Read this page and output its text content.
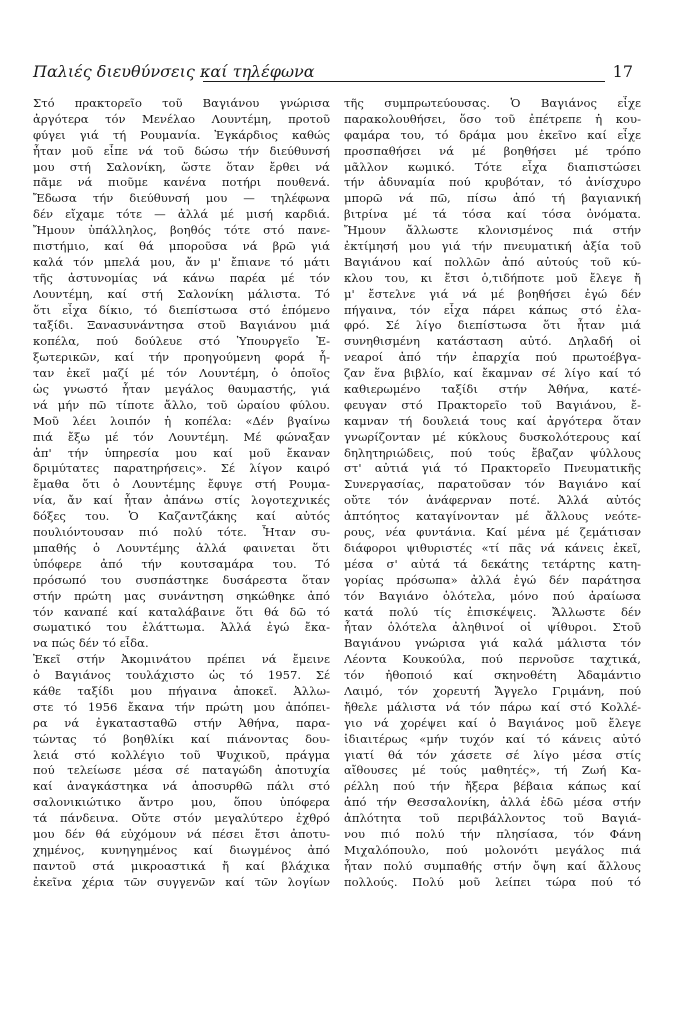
Παλιές διευθύνσεις καί τηλέφωνα	17
Στό πρακτορεῖο τοῦ Βαγιάνου γνώρισα
ἀργότερα τόν Μενέλαο Λουντέμη, προτοῦ
φύγει γιά τή Ρουμανία. Ἐγκάρδιος καθώς
ἦταν μοῦ εἶπε νά τοῦ δώσω τήν διεύθυνσή
μου στή Σαλονίκη, ὥστε ὅταν ἔρθει νά
πᾶμε νά πιοῦμε κανένα ποτήρι πουθενά.
Ἔδωσα τήν διεύθυνσή μου — τηλέφωνα
δέν εἴχαμε τότε — ἀλλά μέ μισή καρδιά.
Ἤμουν ὑπάλληλος, βοηθός τότε στό πανε-
πιστήμιο, καί θά μποροῦσα νά βρῶ γιά
καλά τόν μπελά μου, ἄν μ' ἔπιανε τό μάτι
τῆς ἀστυνομίας νά κάνω παρέα μέ τόν
Λουντέμη, καί στή Σαλονίκη μάλιστα. Τό
ὅτι εἶχα δίκιο, τό διεπίστωσα στό ἑπόμενο
ταξίδι. Ξανασυνάντησα στοῦ Βαγιάνου μιά
κοπέλα, πού δούλευε στό Ὑπουργεῖο Ἐ-
ξωτερικῶν, καί τήν προηγούμενη φορά ἦ-
ταν ἐκεῖ μαζί μέ τόν Λουντέμη, ὁ ὁποῖος
ὡς γνωστό ἦταν μεγάλος θαυμαστής, γιά
νά μήν πῶ τίποτε ἄλλο, τοῦ ὡραίου φύλου.
Μοῦ λέει λοιπόν ἡ κοπέλα: «Δέν βγαίνω
πιά ἔξω μέ τόν Λουντέμη. Μέ φώναξαν
ἀπ' τήν ὑπηρεσία μου καί μοῦ ἔκαναν
δριμύτατες παρατηρήσεις». Σέ λίγον καιρό
ἔμαθα ὅτι ὁ Λουντέμης ἔφυγε στή Ρουμα-
νία, ἄν καί ἦταν ἀπάνω στίς λογοτεχνικές
δόξες του. Ὁ Καζαντζάκης καί αὐτός
πουλιόντουσαν πιό πολύ τότε. Ἦταν συ-
μπαθής ὁ Λουντέμης ἀλλά φαινεται ὅτι
ὑπόφερε ἀπό τήν κουτσαμάρα του. Τό
πρόσωπό του συσπάστηκε δυσάρεστα ὅταν
στήν πρώτη μας συνάντηση σηκώθηκε ἀπό
τόν καναπέ καί καταλάβαινε ὅτι θά δῶ τό
σωματικό του ἐλάττωμα. Ἀλλά ἐγώ ἔκα-
να πώς δέν τό εἶδα.
Ἐκεῖ στήν Ἀκομινάτου πρέπει νά ἔμεινε
ὁ Βαγιάνος τουλάχιστο ὡς τό 1957. Σέ
κάθε ταξίδι μου πήγαινα ἀποκεῖ. Ἀλλω-
στε τό 1956 ἔκανα τήν πρώτη μου ἀπόπει-
ρα νά ἐγκατασταθῶ στήν Ἀθήνα, παρα-
τώντας τό βοηθλίκι καί πιάνοντας δου-
λειά στό κολλέγιο τοῦ Ψυχικοῦ, πράγμα
πού τελείωσε μέσα σέ παταγώδη ἀποτυχία
καί ἀναγκάστηκα νά ἀποσυρθῶ πάλι στό
σαλονικιώτικο ἄντρο μου, ὅπου ὑπόφερα
τά πάνδεινα. Οὔτε στόν μεγαλύτερο ἐχθρό
μου δέν θά εὐχόμουν νά πέσει ἔτσι ἀποτυ-
χημένος, κυνηγημένος καί διωγμένος ἀπό
παντοῦ στά μικροαστικά ἤ καί βλάχικα
ἐκεῖνα χέρια τῶν συγγενῶν καί τῶν λογίων
τῆς συμπρωτεύουσας. Ὁ Βαγιάνος εἶχε
παρακολουθήσει, ὅσο τοῦ ἐπέτρεπε ἡ κου-
φαμάρα του, τό δράμα μου ἐκεῖνο καί εἶχε
προσπαθήσει νά μέ βοηθήσει μέ τρόπο
μᾶλλον κωμικό. Τότε εἶχα διαπιστώσει
τήν ἀδυναμία πού κρυβόταν, τό ἀνίσχυρο
μπορῶ νά πῶ, πίσω ἀπό τή βαγιανική
βιτρίνα μέ τά τόσα καί τόσα ὀνόματα.
Ἤμουν ἄλλωστε κλονισμένος πιά στήν
ἐκτίμησή μου γιά τήν πνευματική ἀξία τοῦ
Βαγιάνου καί πολλῶν ἀπό αὐτούς τοῦ κύ-
κλου του, κι ἔτσι ὁ,τιδήποτε μοῦ ἔλεγε ἤ
μ' ἔστελνε γιά νά μέ βοηθήσει ἐγώ δέν
πήγαινα, τόν εἶχα πάρει κάπως στό ἐλα-
φρό. Σέ λίγο διεπίστωσα ὅτι ἦταν μιά
συνηθισμένη κατάσταση αὐτό. Δηλαδή οἱ
νεαροί ἀπό τήν ἐπαρχία πού πρωτοέβγα-
ζαν ἕνα βιβλίο, καί ἔκαμναν σέ λίγο καί τό
καθιερωμένο ταξίδι στήν Ἀθήνα, κατέ-
φευγαν στό Πρακτορεῖο τοῦ Βαγιάνου, ἔ-
καμναν τή δουλειά τους καί ἀργότερα ὅταν
γνωρίζονταν μέ κύκλους δυσκολότερους καί
δηλητηριώδεις, πού τούς ἔβαζαν ψύλλους
στ' αὐτιά γιά τό Πρακτορεῖο Πνευματικῆς
Συνεργασίας, παρατοῦσαν τόν Βαγιάνο καί
οὔτε τόν ἀνάφερναν ποτέ. Ἀλλά αὐτός
ἀπτόητος καταγίνονταν μέ ἄλλους νεότε-
ρους, νέα φυντάνια. Καί μένα μέ ζεμάτισαν
διάφοροι ψιθυριστές «τί πᾶς νά κάνεις ἐκεῖ,
μέσα σ' αὐτά τά δεκάτης τετάρτης κατη-
γορίας πρόσωπα» ἀλλά ἐγώ δέν παράτησα
τόν Βαγιάνο ὁλότελα, μόνο πού ἀραίωσα
κατά πολύ τίς ἐπισκέψεις. Ἄλλωστε δέν
ἦταν ὁλότελα ἀληθινοί οἱ ψίθυροι. Στοῦ
Βαγιάνου γνώρισα γιά καλά μάλιστα τόν
Λέοντα Κουκούλα, πού περνοῦσε ταχτικά,
τόν ἠθοποιό καί σκηνοθέτη Ἀδαμάντιο
Λαιμό, τόν χορευτή Ἄγγελο Γριμάνη, πού
ἤθελε μάλιστα νά τόν πάρω καί στό Κολλέ-
γιο νά χορέψει καί ὁ Βαγιάνος μοῦ ἔλεγε
ἰδιαιτέρως «μήν τυχόν καί τό κάνεις αὐτό
γιατί θά τόν χάσετε σέ λίγο μέσα στίς
αἴθουσες μέ τούς μαθητές», τή Ζωή Κα-
ρέλλη πού τήν ἤξερα βέβαια κάπως καί
ἀπό τήν Θεσσαλονίκη, ἀλλά ἐδῶ μέσα στήν
ἁπλότητα τοῦ περιβάλλοντος τοῦ Βαγιά-
νου πιό πολύ τήν πλησίασα, τόν Φάνη
Μιχαλόπουλο, πού μολονότι μεγάλος πιά
ἦταν πολύ συμπαθής στήν ὄψη καί ἄλλους
πολλούς. Πολύ μοῦ λείπει τώρα πού τό
